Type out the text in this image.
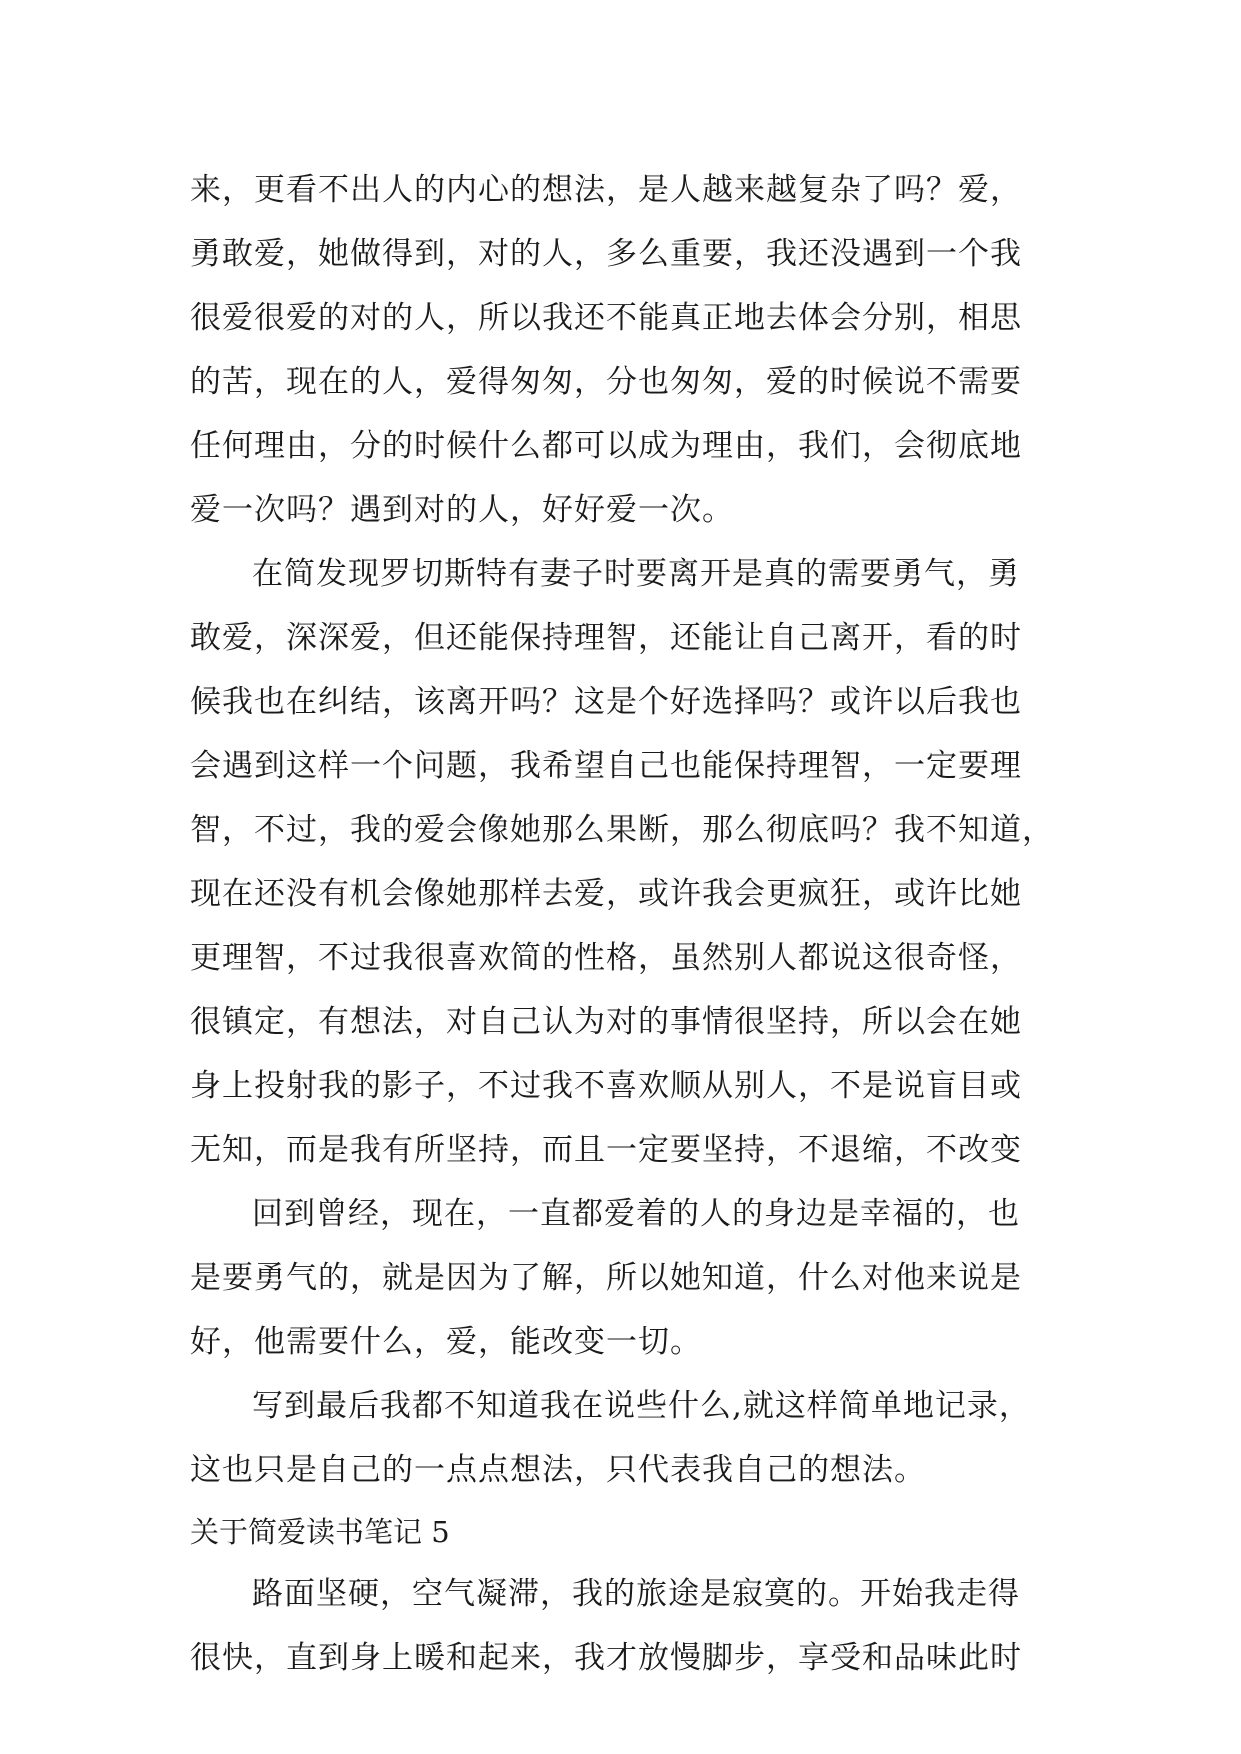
来，更看不出人的内心的想法，是人越来越复杂了吗？爱，

勇敢爱，她做得到，对的人，多么重要，我还没遇到一个我

很爱很爱的对的人，所以我还不能真正地去体会分别，相思

的苦，现在的人，爱得匆匆，分也匆匆，爱的时候说不需要

任何理由，分的时候什么都可以成为理由，我们，会彻底地

爱一次吗？遇到对的人，好好爱一次。

在简发现罗切斯特有妻子时要离开是真的需要勇气，勇

敢爱，深深爱，但还能保持理智，还能让自己离开，看的时

候我也在纠结，该离开吗？这是个好选择吗？或许以后我也

会遇到这样一个问题，我希望自己也能保持理智，一定要理

智，不过，我的爱会像她那么果断，那么彻底吗？我不知道，

现在还没有机会像她那样去爱，或许我会更疯狂，或许比她

更理智，不过我很喜欢简的性格，虽然别人都说这很奇怪，

很镇定，有想法，对自己认为对的事情很坚持，所以会在她

身上投射我的影子，不过我不喜欢顺从别人，不是说盲目或

无知，而是我有所坚持，而且一定要坚持，不退缩，不改变

回到曾经，现在，一直都爱着的人的身边是幸福的，也

是要勇气的，就是因为了解，所以她知道，什么对他来说是

好，他需要什么，爱，能改变一切。

写到最后我都不知道我在说些什么,就这样简单地记录，

这也只是自己的一点点想法，只代表我自己的想法。

关于简爱读书笔记 5

路面坚硬，空气凝滞，我的旅途是寂寞的。开始我走得

很快，直到身上暖和起来，我才放慢脚步，享受和品味此时
